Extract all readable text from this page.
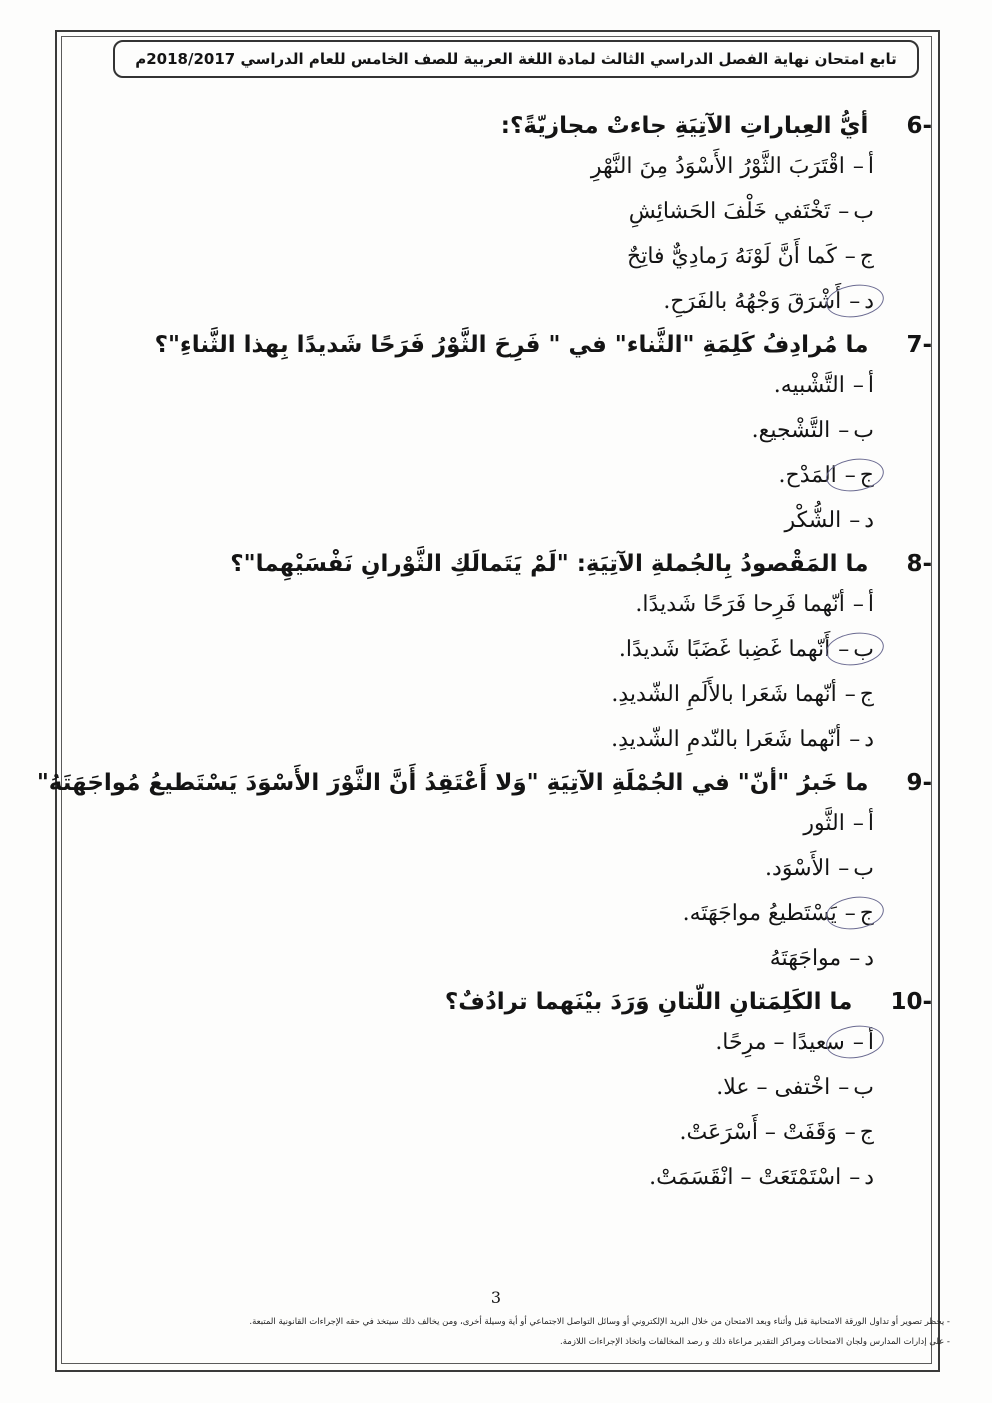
تابع امتحان نهاية الفصل الدراسي الثالث لمادة اللغة العربية للصف الخامس للعام الدراسي 2018/2017م
6-
أيُّ العِباراتِ الآتِيَةِ جاءتْ مجازيّةً؟:
أ–اقْتَرَبَ الثَّوْرُ الأَسْوَدُ مِنَ النَّهْرِ
ب–تَخْتَفي خَلْفَ الحَشائِشِ
ج–كَما أَنَّ لَوْنَهُ رَمادِيٌّ فاتِحٌ
د–أَشْرَقَ وَجْهُهُ بالفَرَحِ.
7-
ما مُرادِفُ كَلِمَةِ "الثَّناء" في " فَرِحَ الثَّوْرُ فَرَحًا شَديدًا بِهذا الثَّناءِ"؟
أ–التَّشْبيه.
ب–التَّشْجيع.
ج–المَدْح.
د–الشُّكْر
8-
ما المَقْصودُ بِالجُملةِ الآتِيَةِ: "لَمْ يَتَمالَكِ الثَّوْرانِ نَفْسَيْهِما"؟
أ–أنّهما فَرِحا فَرَحًا شَديدًا.
ب–أَنّهما غَضِبا غَضَبًا شَديدًا.
ج–أنّهما شَعَرا بالأَلَمِ الشّديدِ.
د–أنّهما شَعَرا بالنّدمِ الشّديدِ.
9-
ما خَبرُ "أنّ" في الجُمْلَةِ الآتِيَةِ "وَلا أَعْتَقِدُ أَنَّ الثَّوْرَ الأَسْوَدَ يَسْتَطيعُ مُواجَهَتَهُ"
أ–الثَّور
ب–الأَسْوَد.
ج–يَسْتَطيعُ مواجَهَتَه.
د–مواجَهَتَهُ
10-
ما الكَلِمَتانِ اللّتانِ وَرَدَ بيْنَهما ترادُفٌ؟
أ–سعيدًا – مرِحًا.
ب–اخْتفى – علا.
ج–وَقَفَتْ – أَسْرَعَتْ.
د–اسْتَمْتَعَتْ – انْقَسَمَتْ.
3
- يحظر تصوير أو تداول الورقة الامتحانية قبل وأثناء وبعد الامتحان من خلال البريد الإلكتروني أو وسائل التواصل الاجتماعي أو أية وسيلة أخرى، ومن يخالف ذلك سيتخذ في حقه الإجراءات القانونية المتبعة.
- على إدارات المدارس ولجان الامتحانات ومراكز التقدير مراعاة ذلك و رصد المخالفات واتخاذ الإجراءات اللازمة.
